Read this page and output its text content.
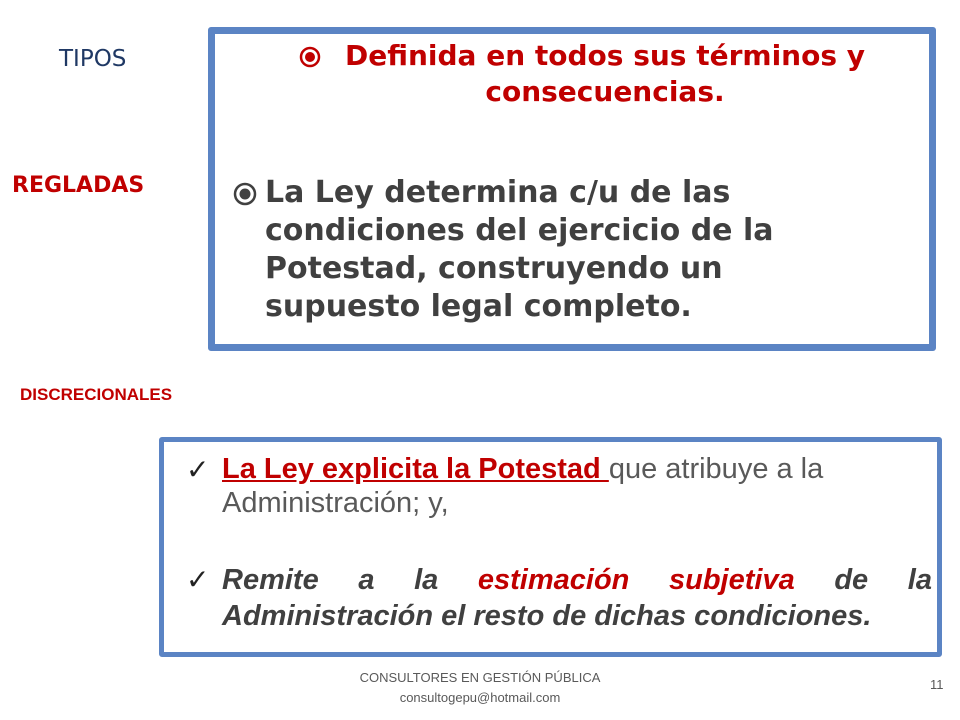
TIPOS
REGLADAS
DISCRECIONALES
Definida en todos sus términos y consecuencias.
La Ley determina c/u de las condiciones del ejercicio de la Potestad, construyendo un supuesto legal completo.
✓ La Ley explicita la Potestad que atribuye a la Administración; y,
✓ Remite a la estimación subjetiva de la Administración el resto de dichas condiciones.
CONSULTORES EN GESTIÓN PÚBLICA
consultogepu@hotmail.com
11
